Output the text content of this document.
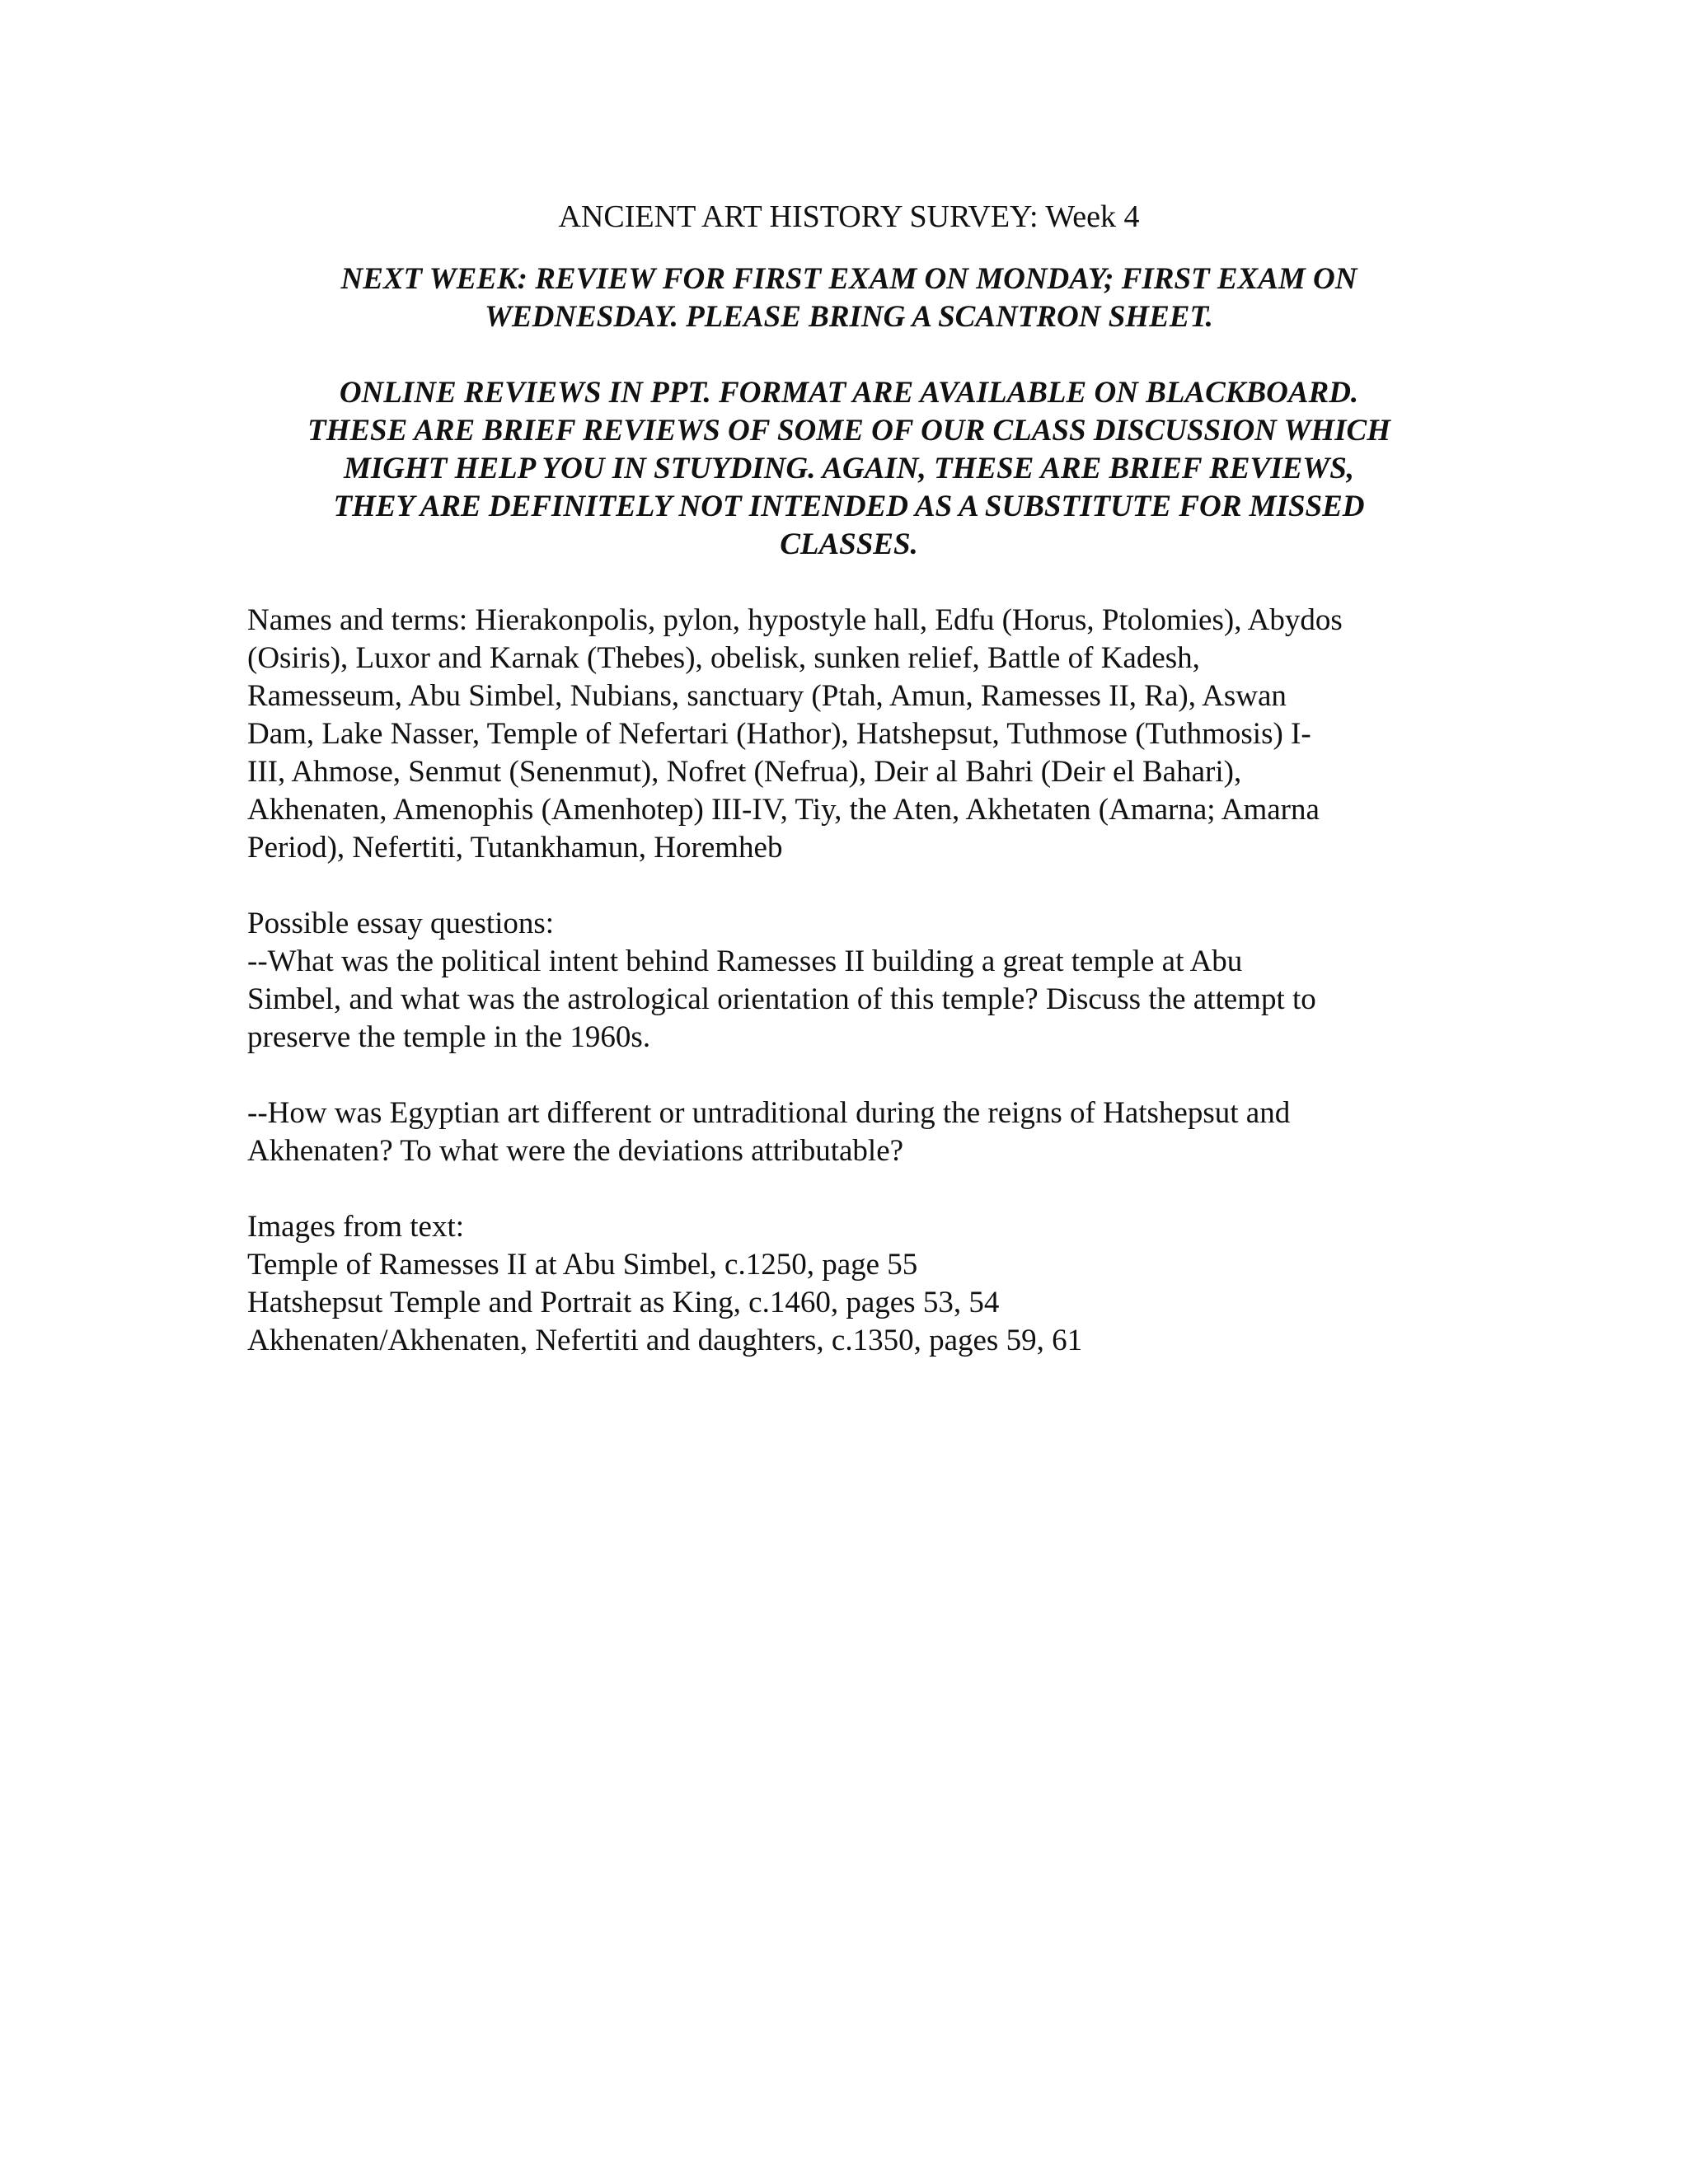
ANCIENT ART HISTORY SURVEY: Week 4
NEXT WEEK: REVIEW FOR FIRST EXAM ON MONDAY; FIRST EXAM ON
WEDNESDAY. PLEASE BRING A SCANTRON SHEET.
ONLINE REVIEWS IN PPT. FORMAT ARE AVAILABLE ON BLACKBOARD.
THESE ARE BRIEF REVIEWS OF SOME OF OUR CLASS DISCUSSION WHICH
MIGHT HELP YOU IN STUYDING. AGAIN, THESE ARE BRIEF REVIEWS,
THEY ARE DEFINITELY NOT INTENDED AS A SUBSTITUTE FOR MISSED
CLASSES.
Names and terms: Hierakonpolis, pylon, hypostyle hall, Edfu (Horus, Ptolomies), Abydos
(Osiris), Luxor and Karnak (Thebes), obelisk, sunken relief, Battle of Kadesh,
Ramesseum, Abu Simbel, Nubians, sanctuary (Ptah, Amun, Ramesses II, Ra), Aswan
Dam, Lake Nasser, Temple of Nefertari (Hathor), Hatshepsut, Tuthmose (Tuthmosis) I-
III, Ahmose, Senmut (Senenmut), Nofret (Nefrua), Deir al Bahri (Deir el Bahari),
Akhenaten, Amenophis (Amenhotep) III-IV, Tiy, the Aten, Akhetaten (Amarna; Amarna
Period), Nefertiti, Tutankhamun, Horemheb
Possible essay questions:
--What was the political intent behind Ramesses II building a great temple at Abu
Simbel, and what was the astrological orientation of this temple? Discuss the attempt to
preserve the temple in the 1960s.
--How was Egyptian art different or untraditional during the reigns of Hatshepsut and
Akhenaten? To what were the deviations attributable?
Images from text:
Temple of Ramesses II at Abu Simbel, c.1250, page 55
Hatshepsut Temple and Portrait as King, c.1460, pages 53, 54
Akhenaten/Akhenaten, Nefertiti and daughters, c.1350, pages 59, 61
